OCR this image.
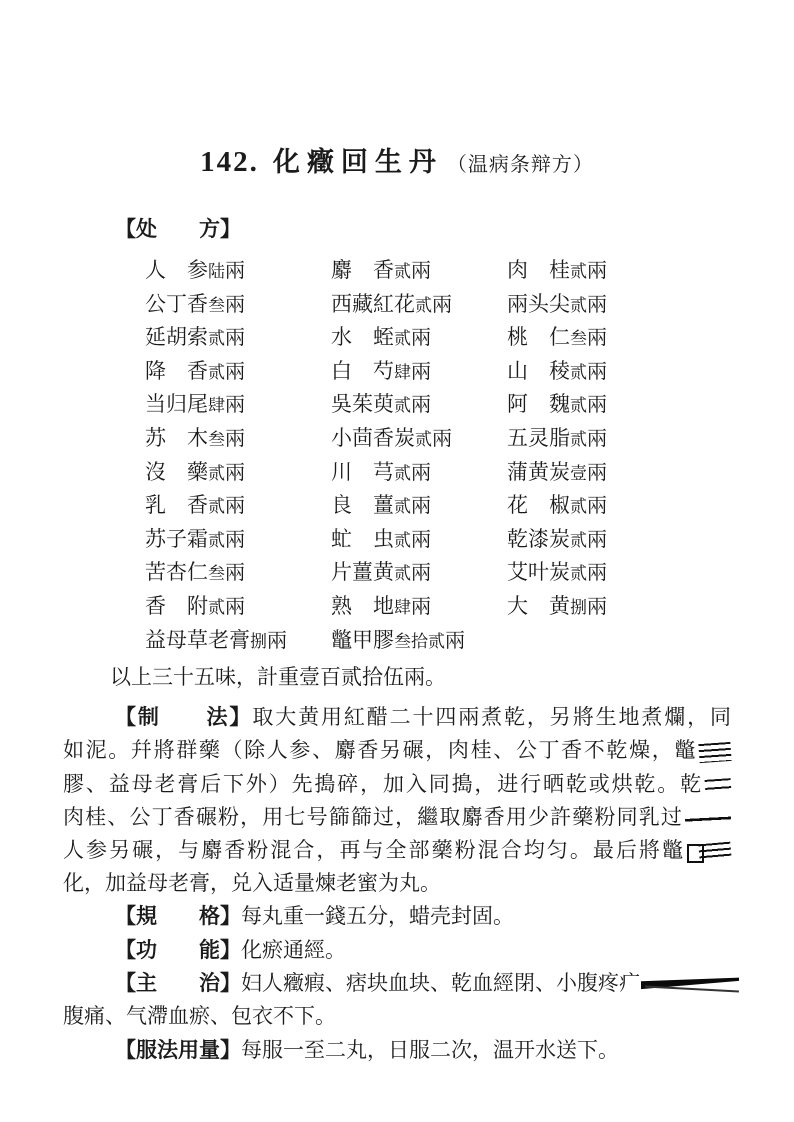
142. 化癥回生丹 （温病条辩方）
【处　　方】
人　参陆兩	麝　香贰兩	肉　桂贰兩
公丁香叁兩	西藏紅花贰兩	兩头尖贰兩
延胡索贰兩	水　蛭贰兩	桃　仁叁兩
降　香贰兩	白　芍肆兩	山　稜贰兩
当归尾肆兩	吳茱萸贰兩	阿　魏贰兩
苏　木叁兩	小茴香炭贰兩	五灵脂贰兩
沒　藥贰兩	川　芎贰兩	蒲黄炭壹兩
乳　香贰兩	良　薑贰兩	花　椒贰兩
苏子霜贰兩	虻　虫贰兩	乾漆炭贰兩
苦杏仁叁兩	片薑黄贰兩	艾叶炭贰兩
香　附贰兩	熟　地肆兩	大　黄捌兩
益母草老膏捌兩	鼈甲膠叁拾贰兩
以上三十五味，計重壹百贰拾伍兩。
【制　　法】取大黄用紅醋二十四兩煮乾，另將生地煮爛，同
如泥。幷將群藥（除人参、麝香另碾，肉桂、公丁香不乾燥，鼈
膠、益母老膏后下外）先搗碎，加入同搗，进行晒乾或烘乾。乾
肉桂、公丁香碾粉，用七号篩篩过，繼取麝香用少許藥粉同乳过
人参另碾，与麝香粉混合，再与全部藥粉混合均匀。最后將鼈
化，加益母老膏，兑入适量煉老蜜为丸。
【規　　格】每丸重一錢五分，蜡壳封固。
【功　　能】化瘀通經。
【主　　治】妇人癥瘕、痞块血块、乾血經閉、小腹疼疒
腹痛、气滯血瘀、包衣不下。
【服法用量】每服一至二丸，日服二次，温开水送下。
